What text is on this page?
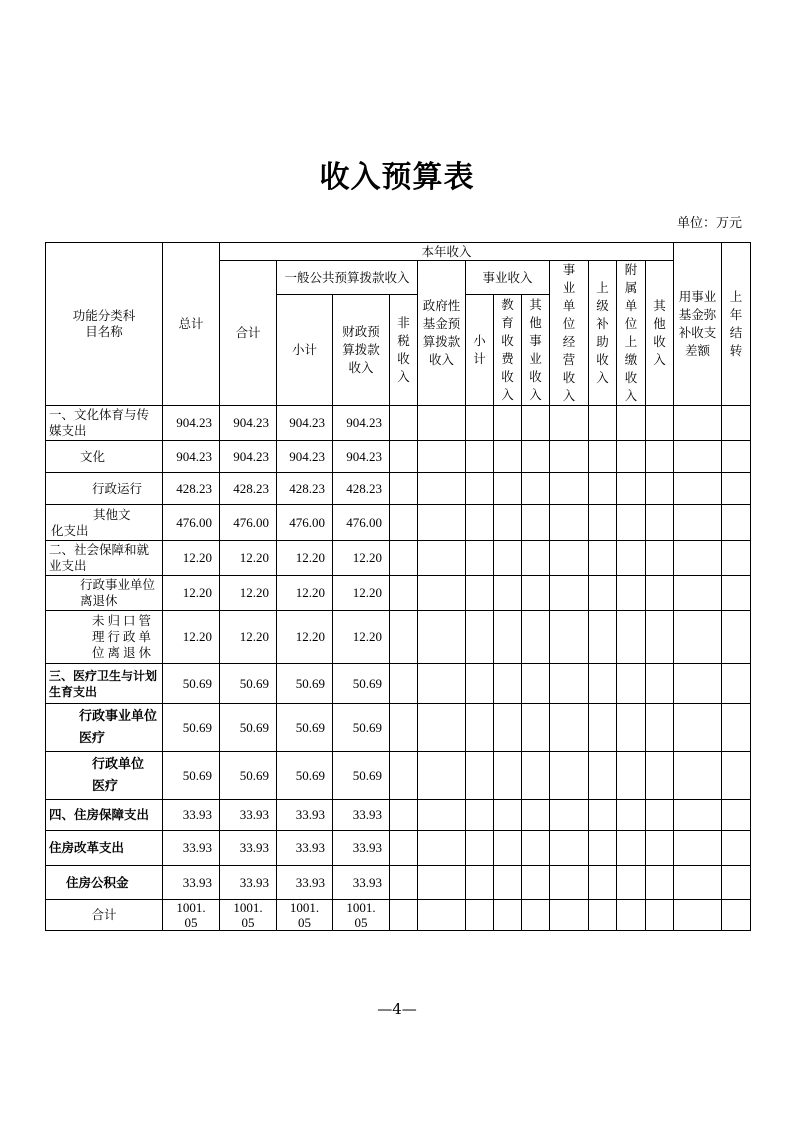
收入预算表
单位：万元
功能分类科目名称	总计	本年收入												用事业基金弥补收支差额	上年结转
		合计	一般公共预算拨款收入			政府性基金预算拨款收入	事业收入			事业单位经营收入	上级补助收入	附属单位上缴收入	其他收入		
			小计	财政预算拨款收入	非税收入		小计	教育收费收入	其他事业收入						

一、文化体育与传媒支出	904.23	904.23	904.23	904.23											
文化	904.23	904.23	904.23	904.23											
行政运行	428.23	428.23	428.23	428.23											
其他文化支出	476.00	476.00	476.00	476.00											
二、社会保障和就业支出	12.20	12.20	12.20	12.20											
行政事业单位离退休	12.20	12.20	12.20	12.20											
未归口管理行政单位离退休	12.20	12.20	12.20	12.20											
三、医疗卫生与计划生育支出	50.69	50.69	50.69	50.69											
行政事业单位医疗	50.69	50.69	50.69	50.69											
行政单位医疗	50.69	50.69	50.69	50.69											
四、住房保障支出	33.93	33.93	33.93	33.93											
住房改革支出	33.93	33.93	33.93	33.93											
住房公积金	33.93	33.93	33.93	33.93											
合计	1001.05	1001.05	1001.05	1001.05											
—4—
